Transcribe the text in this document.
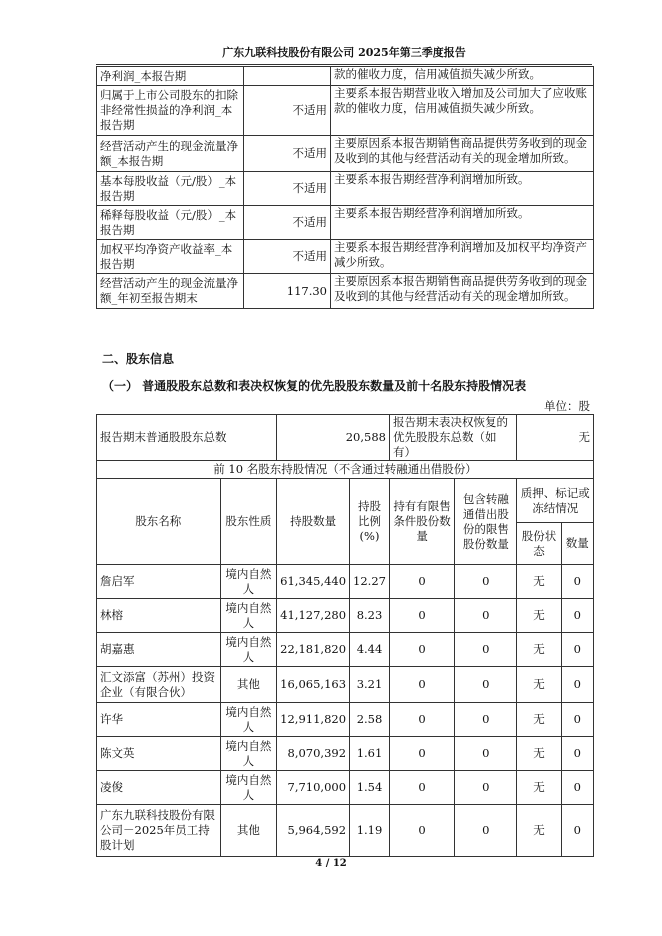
广东九联科技股份有限公司 2025年第三季度报告
净利润_本报告期		款的催收力度，信用减值损失减少所致。
归属于上市公司股东的扣除非经常性损益的净利润_本报告期	不适用	主要系本报告期营业收入增加及公司加大了应收账款的催收力度，信用减值损失减少所致。
经营活动产生的现金流量净额_本报告期	不适用	主要原因系本报告期销售商品提供劳务收到的现金及收到的其他与经营活动有关的现金增加所致。
基本每股收益（元/股）_本报告期	不适用	主要系本报告期经营净利润增加所致。
稀释每股收益（元/股）_本报告期	不适用	主要系本报告期经营净利润增加所致。
加权平均净资产收益率_本报告期	不适用	主要系本报告期经营净利润增加及加权平均净资产减少所致。
经营活动产生的现金流量净额_年初至报告期末	117.30	主要原因系本报告期销售商品提供劳务收到的现金及收到的其他与经营活动有关的现金增加所致。
二、股东信息
（一） 普通股股东总数和表决权恢复的优先股股东数量及前十名股东持股情况表
单位：股
报告期末普通股股东总数		20,588		报告期末表决权恢复的优先股股东总数（如有）		无	
前 10 名股东持股情况（不含通过转融通出借股份）							
股东名称	股东性质	持股数量	持股比例(%)	持有有限售条件股份数量	包含转融通借出股份的限售股份数量	质押、标记或冻结情况	
						股份状态	数量
詹启军	境内自然人	61,345,440	12.27	0	0	无	0
林榕	境内自然人	41,127,280	8.23	0	0	无	0
胡嘉惠	境内自然人	22,181,820	4.44	0	0	无	0
汇文添富（苏州）投资企业（有限合伙）	其他	16,065,163	3.21	0	0	无	0
许华	境内自然人	12,911,820	2.58	0	0	无	0
陈文英	境内自然人	8,070,392	1.61	0	0	无	0
凌俊	境内自然人	7,710,000	1.54	0	0	无	0
广东九联科技股份有限公司－2025年员工持股计划	其他	5,964,592	1.19	0	0	无	0
4 / 12
